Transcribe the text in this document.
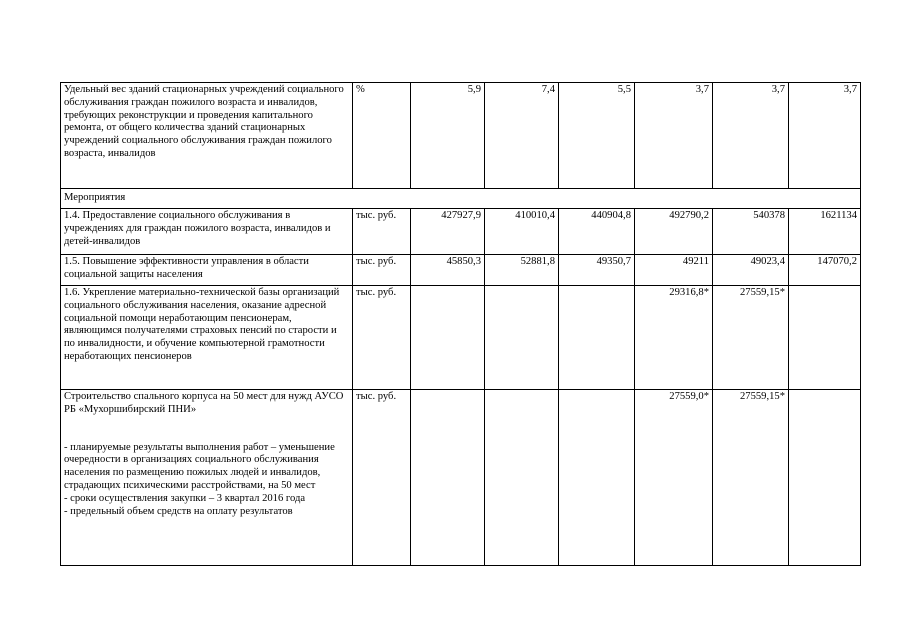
Удельный вес зданий стационарных учреждений социального обслуживания граждан пожилого возраста и инвалидов, требующих реконструкции и проведения капитального ремонта, от общего количества зданий стационарных учреждений социального обслуживания граждан пожилого возраста, инвалидов	%	5,9	7,4	5,5	3,7	3,7	3,7
Мероприятия							
1.4. Предоставление социального обслуживания в учреждениях для граждан пожилого возраста, инвалидов и детей-инвалидов	тыс. руб.	427927,9	410010,4	440904,8	492790,2	540378	1621134
1.5. Повышение эффективности управления в области социальной защиты населения	тыс. руб.	45850,3	52881,8	49350,7	49211	49023,4	147070,2
1.6. Укрепление материально-технической базы организаций социального обслуживания населения, оказание адресной социальной помощи неработающим пенсионерам, являющимся получателями страховых пенсий по старости и по инвалидности, и обучение компьютерной грамотности неработающих пенсионеров	тыс. руб.				29316,8*	27559,15*	

Строительство спального корпуса на 50 мест для нужд АУСО РБ «Мухоршибирский ПНИ»
- планируемые результаты выполнения работ – уменьшение очередности в организациях социального обслуживания населения по размещению пожилых людей и инвалидов, страдающих психическими расстройствами, на 50 мест
- сроки осуществления закупки – 3 квартал 2016 года
- предельный объем средств на оплату результатов	тыс. руб.				27559,0*	27559,15*	
